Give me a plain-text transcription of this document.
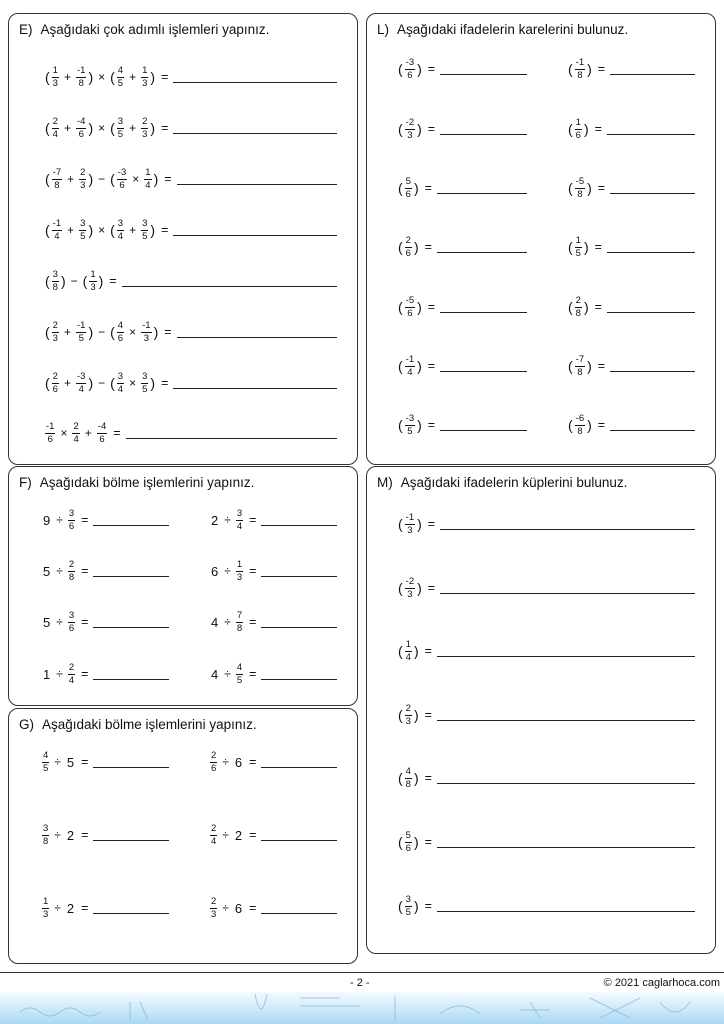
E) Aşağıdaki çok adımlı işlemleri yapınız.
( $\frac{1}{3} + \frac{-1}{8}$ ) × ( $\frac{4}{5} + \frac{1}{3}$ ) =
( $\frac{2}{4} + \frac{-4}{6}$ ) × ( $\frac{3}{5} + \frac{2}{3}$ ) =
( $\frac{-7}{8} + \frac{2}{3}$ ) − ( $\frac{-3}{6} \times \frac{1}{4}$ ) =
( $\frac{-1}{4} + \frac{3}{5}$ ) × ( $\frac{3}{4} + \frac{3}{5}$ ) =
( $\frac{3}{8}$ ) − ( $\frac{1}{3}$ ) =
( $\frac{2}{3} + \frac{-1}{5}$ ) − ( $\frac{4}{6} \times \frac{-1}{3}$ ) =
( $\frac{2}{6} + \frac{-3}{4}$ ) − ( $\frac{3}{4} \times \frac{3}{5}$ ) =
$\frac{-1}{6} \times \frac{2}{4} + \frac{-4}{6}$ =
L) Aşağıdaki ifadelerin karelerini bulunuz.
( $\frac{-3}{6}$ ) =	( $\frac{-1}{8}$ ) =
( $\frac{-2}{3}$ ) =	( $\frac{1}{6}$ ) =
( $\frac{5}{6}$ ) =	( $\frac{-5}{8}$ ) =
( $\frac{2}{6}$ ) =	( $\frac{1}{5}$ ) =
( $\frac{-5}{6}$ ) =	( $\frac{2}{8}$ ) =
( $\frac{-1}{4}$ ) =	( $\frac{-7}{8}$ ) =
( $\frac{-3}{5}$ ) =	( $\frac{-6}{8}$ ) =
F) Aşağıdaki bölme işlemlerini yapınız.
$9 \div \frac{3}{6}$ =	$2 \div \frac{3}{4}$ =
$5 \div \frac{2}{8}$ =	$6 \div \frac{1}{3}$ =
$5 \div \frac{3}{6}$ =	$4 \div \frac{7}{8}$ =
$1 \div \frac{2}{4}$ =	$4 \div \frac{4}{5}$ =
G) Aşağıdaki bölme işlemlerini yapınız.
$\frac{4}{5} \div 5$ =	$\frac{2}{6} \div 6$ =
$\frac{3}{8} \div 2$ =	$\frac{2}{4} \div 2$ =
$\frac{1}{3} \div 2$ =	$\frac{2}{3} \div 6$ =
M) Aşağıdaki ifadelerin küplerini bulunuz.
( $\frac{-1}{3}$ ) =
( $\frac{-2}{3}$ ) =
( $\frac{1}{4}$ ) =
( $\frac{2}{3}$ ) =
( $\frac{4}{8}$ ) =
( $\frac{5}{6}$ ) =
( $\frac{3}{5}$ ) =
- 2 -	© 2021 caglarhoca.com
